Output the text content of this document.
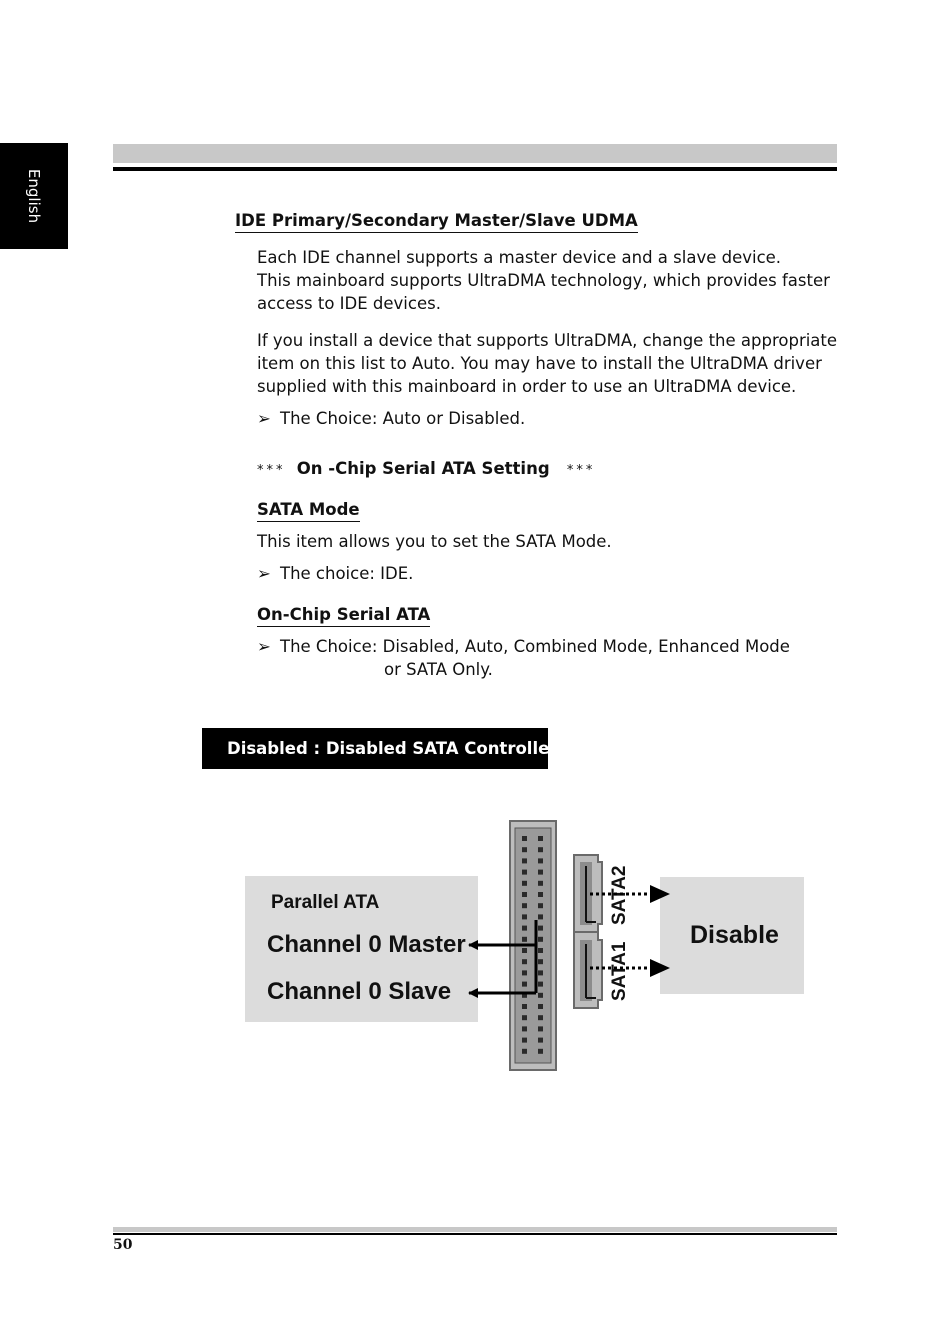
English	IDE Primary/Secondary Master/Slave UDMA
Each IDE channel supports a master device and a slave device.
This mainboard supports UltraDMA technology, which provides faster
access to IDE devices.
If you install a device that supports UltraDMA, change the appropriate
item on this list to Auto. You may have to install the UltraDMA driver
supplied with this mainboard in order to use an UltraDMA device.
➢ The Choice: Auto or Disabled.
*** On -Chip Serial ATA Setting ***
SATA Mode
This item allows you to set the SATA Mode.
➢ The choice: IDE.
On-Chip Serial ATA
➢ The Choice: Disabled, Auto, Combined Mode, Enhanced Mode
or SATA Only.
Disabled : Disabled SATA Controller.
Parallel ATA
Channel 0 Master
Channel 0 Slave
Disable
SATA2
SATA1
50
